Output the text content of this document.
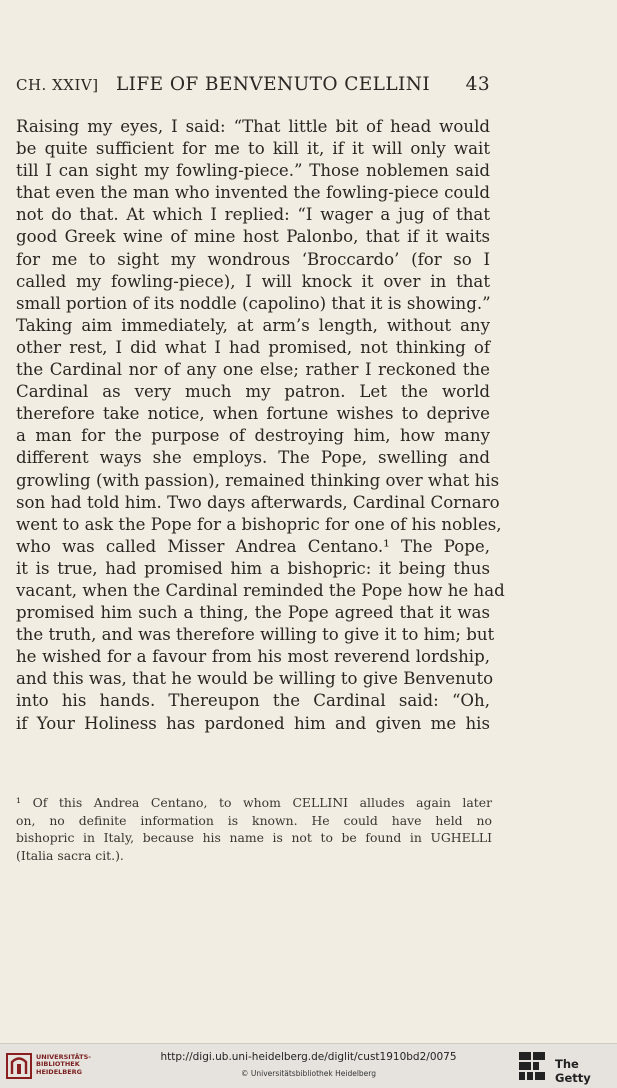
CH. XXIV] LIFE OF BENVENUTO CELLINI 43
Raising my eyes, I said: “That little bit of head would
be quite sufficient for me to kill it, if it will only wait
till I can sight my fowling-piece.” Those noblemen said
that even the man who invented the fowling-piece could
not do that. At which I replied: “I wager a jug of that
good Greek wine of mine host Palonbo, that if it waits
for me to sight my wondrous ‘Broccardo’ (for so I
called my fowling-piece), I will knock it over in that
small portion of its noddle (capolino) that it is showing.”
Taking aim immediately, at arm’s length, without any
other rest, I did what I had promised, not thinking of
the Cardinal nor of any one else; rather I reckoned the
Cardinal as very much my patron. Let the world
therefore take notice, when fortune wishes to deprive
a man for the purpose of destroying him, how many
different ways she employs. The Pope, swelling and
growling (with passion), remained thinking over what his
son had told him. Two days afterwards, Cardinal Cornaro
went to ask the Pope for a bishopric for one of his nobles,
who was called Misser Andrea Centano.¹ The Pope,
it is true, had promised him a bishopric: it being thus
vacant, when the Cardinal reminded the Pope how he had
promised him such a thing, the Pope agreed that it was
the truth, and was therefore willing to give it to him; but
he wished for a favour from his most reverend lordship,
and this was, that he would be willing to give Benvenuto
into his hands. Thereupon the Cardinal said: “Oh,
if Your Holiness has pardoned him and given me his
¹ Of this Andrea Centano, to whom CELLINI alludes again later
on, no definite information is known. He could have held no
bishopric in Italy, because his name is not to be found in UGHELLI
(Italia sacra cit.).
UNIVERSITÄTS-
BIBLIOTHEK
HEIDELBERG
http://digi.ub.uni-heidelberg.de/diglit/cust1910bd2/0075
© Universitätsbibliothek Heidelberg
The Getty
